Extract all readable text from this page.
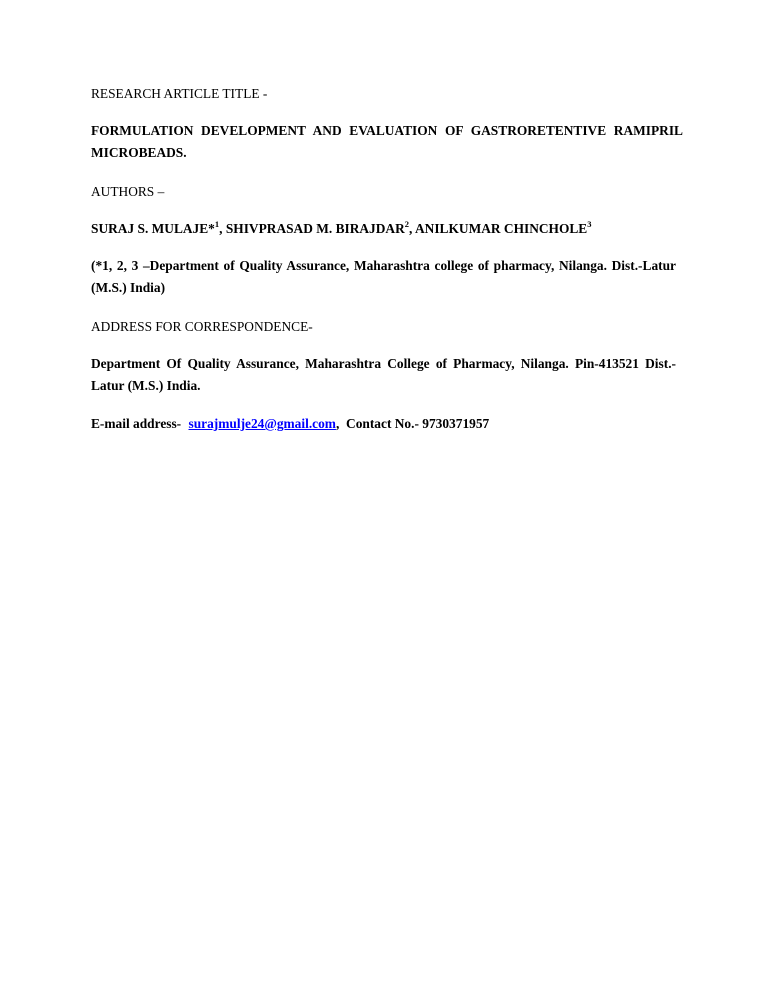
RESEARCH ARTICLE TITLE -

FORMULATION DEVELOPMENT AND EVALUATION OF GASTRORETENTIVE RAMIPRIL MICROBEADS.

AUTHORS –

SURAJ S. MULAJE*$^1$, SHIVPRASAD M. BIRAJDAR$^2$, ANILKUMAR CHINCHOLE$^3$

(*1, 2, 3 –Department of Quality Assurance, Maharashtra college of pharmacy, Nilanga. Dist.-Latur (M.S.) India)

ADDRESS FOR CORRESPONDENCE-

Department Of Quality Assurance, Maharashtra College of Pharmacy, Nilanga. Pin-413521 Dist.- Latur (M.S.) India.

E-mail address- surajmulje24@gmail.com, Contact No.- 9730371957
